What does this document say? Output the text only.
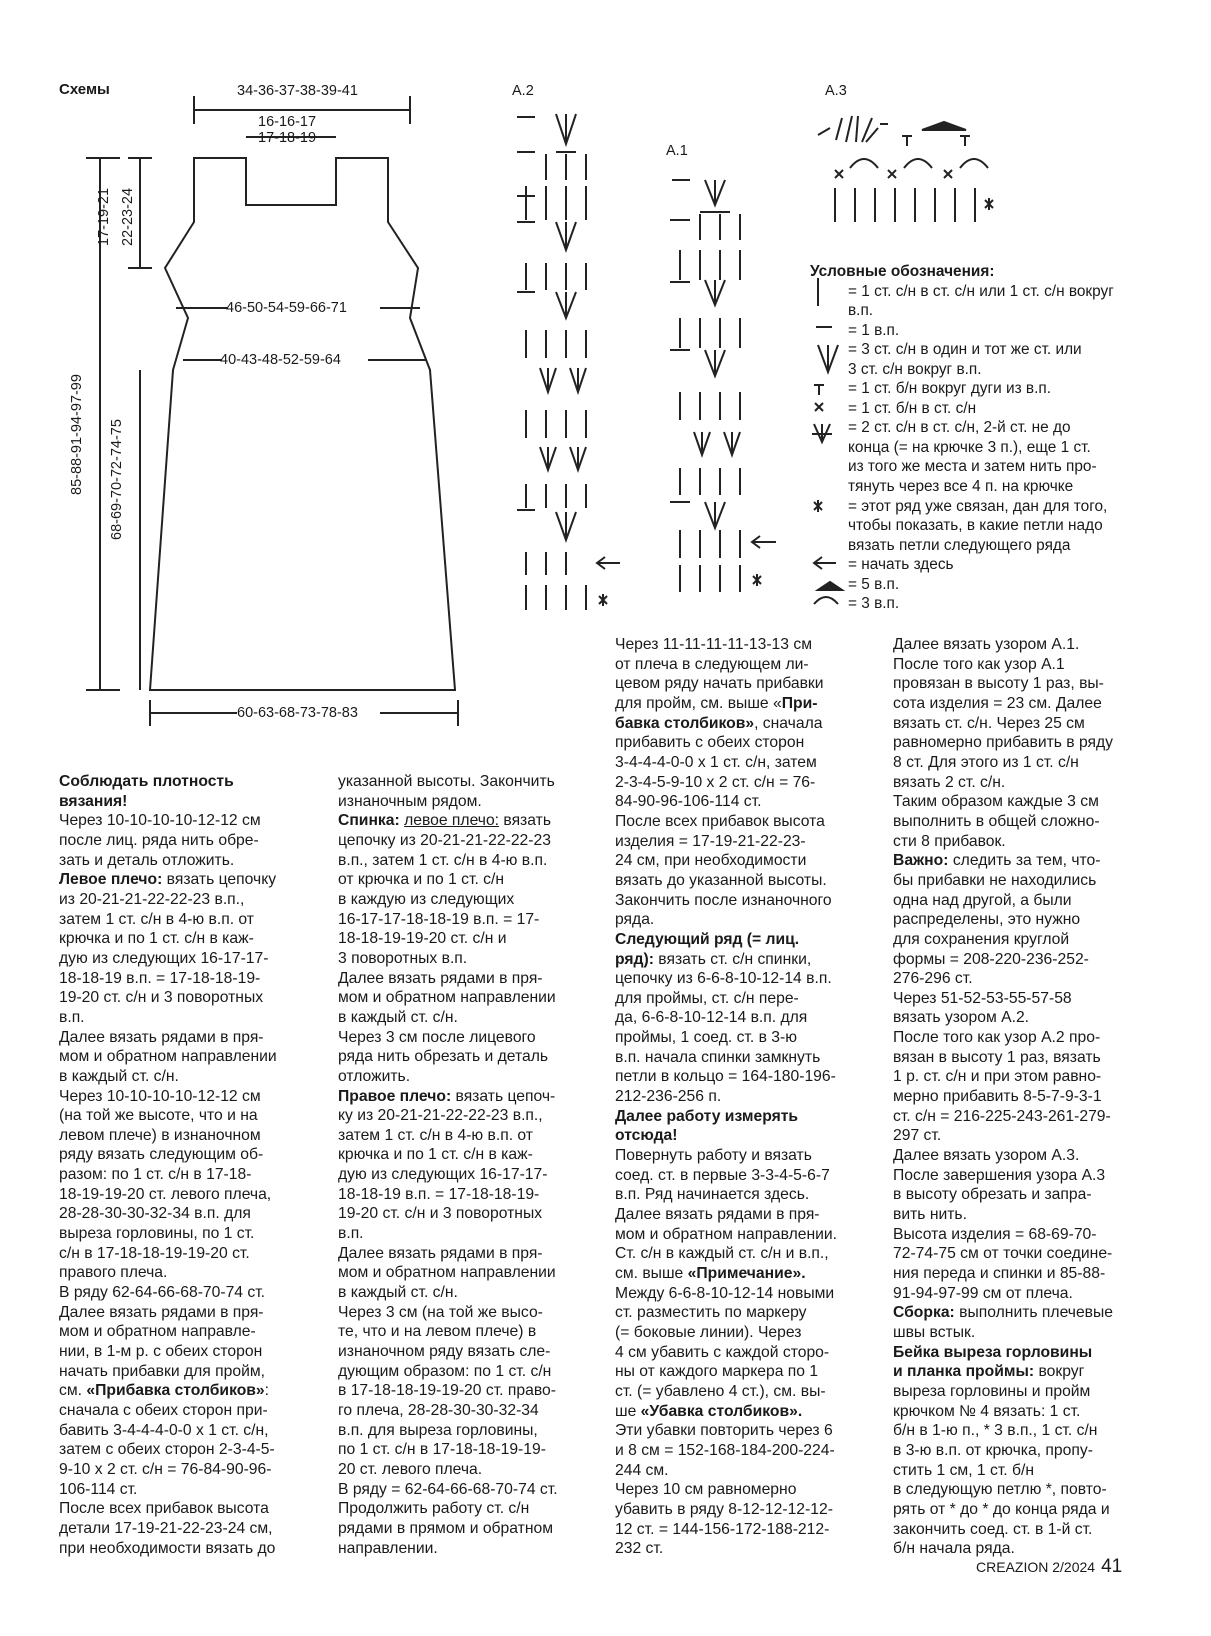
Схемы	34-36-37-38-39-41
16-16-17
17-18-19
17-19-21 22-23-24
46-50-54-59-66-71
40-43-48-52-59-64
85-88-91-94-97-99 68-69-70-72-74-75
60-63-68-73-78-83
A.2
A.1
A.3
Условные обозначения:
= 1 ст. с/н в ст. с/н или 1 ст. с/н вокруг
в.п.
= 1 в.п.
= 3 ст. с/н в один и тот же ст. или
3 ст. с/н вокруг в.п.
= 1 ст. б/н вокруг дуги из в.п.
= 1 ст. б/н в ст. с/н
= 2 ст. с/н в ст. с/н, 2-й ст. не до
конца (= на крючке 3 п.), еще 1 ст.
из того же места и затем нить про-
тянуть через все 4 п. на крючке
= этот ряд уже связан, дан для того,
чтобы показать, в какие петли надо
вязать петли следующего ряда
= начать здесь
= 5 в.п.
= 3 в.п.
Соблюдать плотность
вязания!
Через 10-10-10-10-12-12 см
после лиц. ряда нить обре-
зать и деталь отложить.
Левое плечо: вязать цепочку
из 20-21-21-22-22-23 в.п.,
затем 1 ст. с/н в 4-ю в.п. от
крючка и по 1 ст. с/н в каж-
дую из следующих 16-17-17-
18-18-19 в.п. = 17-18-18-19-
19-20 ст. с/н и 3 поворотных
в.п.
Далее вязать рядами в пря-
мом и обратном направлении
в каждый ст. с/н.
Через 10-10-10-10-12-12 см
(на той же высоте, что и на
левом плече) в изнаночном
ряду вязать следующим об-
разом: по 1 ст. с/н в 17-18-
18-19-19-20 ст. левого плеча,
28-28-30-30-32-34 в.п. для
выреза горловины, по 1 ст.
с/н в 17-18-18-19-19-20 ст.
правого плеча.
В ряду 62-64-66-68-70-74 ст.
Далее вязать рядами в пря-
мом и обратном направле-
нии, в 1-м р. с обеих сторон
начать прибавки для пройм,
см. «Прибавка столбиков»:
сначала с обеих сторон при-
бавить 3-4-4-4-0-0 х 1 ст. с/н,
затем с обеих сторон 2-3-4-5-
9-10 х 2 ст. с/н = 76-84-90-96-
106-114 ст.
После всех прибавок высота
детали 17-19-21-22-23-24 см,
при необходимости вязать до
указанной высоты. Закончить
изнаночным рядом.
Спинка: левое плечо: вязать
цепочку из 20-21-21-22-22-23
в.п., затем 1 ст. с/н в 4-ю в.п.
от крючка и по 1 ст. с/н
в каждую из следующих
16-17-17-18-18-19 в.п. = 17-
18-18-19-19-20 ст. с/н и
3 поворотных в.п.
Далее вязать рядами в пря-
мом и обратном направлении
в каждый ст. с/н.
Через 3 см после лицевого
ряда нить обрезать и деталь
отложить.
Правое плечо: вязать цепоч-
ку из 20-21-21-22-22-23 в.п.,
затем 1 ст. с/н в 4-ю в.п. от
крючка и по 1 ст. с/н в каж-
дую из следующих 16-17-17-
18-18-19 в.п. = 17-18-18-19-
19-20 ст. с/н и 3 поворотных
в.п.
Далее вязать рядами в пря-
мом и обратном направлении
в каждый ст. с/н.
Через 3 см (на той же высо-
те, что и на левом плече) в
изнаночном ряду вязать сле-
дующим образом: по 1 ст. с/н
в 17-18-18-19-19-20 ст. право-
го плеча, 28-28-30-30-32-34
в.п. для выреза горловины,
по 1 ст. с/н в 17-18-18-19-19-
20 ст. левого плеча.
В ряду = 62-64-66-68-70-74 ст.
Продолжить работу ст. с/н
рядами в прямом и обратном
направлении.
Через 11-11-11-11-13-13 см
от плеча в следующем ли-
цевом ряду начать прибавки
для пройм, см. выше «При-
бавка столбиков», сначала
прибавить с обеих сторон
3-4-4-4-0-0 х 1 ст. с/н, затем
2-3-4-5-9-10 х 2 ст. с/н = 76-
84-90-96-106-114 ст.
После всех прибавок высота
изделия = 17-19-21-22-23-
24 см, при необходимости
вязать до указанной высоты.
Закончить после изнаночного
ряда.
Следующий ряд (= лиц.
ряд): вязать ст. с/н спинки,
цепочку из 6-6-8-10-12-14 в.п.
для проймы, ст. с/н пере-
да, 6-6-8-10-12-14 в.п. для
проймы, 1 соед. ст. в 3-ю
в.п. начала спинки замкнуть
петли в кольцо = 164-180-196-
212-236-256 п.
Далее работу измерять
отсюда!
Повернуть работу и вязать
соед. ст. в первые 3-3-4-5-6-7
в.п. Ряд начинается здесь.
Далее вязать рядами в пря-
мом и обратном направлении.
Ст. с/н в каждый ст. с/н и в.п.,
см. выше «Примечание».
Между 6-6-8-10-12-14 новыми
ст. разместить по маркеру
(= боковые линии). Через
4 см убавить с каждой сторо-
ны от каждого маркера по 1
ст. (= убавлено 4 ст.), см. вы-
ше «Убавка столбиков».
Эти убавки повторить через 6
и 8 см = 152-168-184-200-224-
244 см.
Через 10 см равномерно
убавить в ряду 8-12-12-12-12-
12 ст. = 144-156-172-188-212-
232 ст.
Далее вязать узором А.1.
После того как узор А.1
провязан в высоту 1 раз, вы-
сота изделия = 23 см. Далее
вязать ст. с/н. Через 25 см
равномерно прибавить в ряду
8 ст. Для этого из 1 ст. с/н
вязать 2 ст. с/н.
Таким образом каждые 3 см
выполнить в общей сложно-
сти 8 прибавок.
Важно: следить за тем, что-
бы прибавки не находились
одна над другой, а были
распределены, это нужно
для сохранения круглой
формы = 208-220-236-252-
276-296 ст.
Через 51-52-53-55-57-58
вязать узором А.2.
После того как узор А.2 про-
вязан в высоту 1 раз, вязать
1 р. ст. с/н и при этом равно-
мерно прибавить 8-5-7-9-3-1
ст. с/н = 216-225-243-261-279-
297 ст.
Далее вязать узором А.3.
После завершения узора А.3
в высоту обрезать и запра-
вить нить.
Высота изделия = 68-69-70-
72-74-75 см от точки соедине-
ния переда и спинки и 85-88-
91-94-97-99 см от плеча.
Сборка: выполнить плечевые
швы встык.
Бейка выреза горловины
и планка проймы: вокруг
выреза горловины и пройм
крючком № 4 вязать: 1 ст.
б/н в 1-ю п., * 3 в.п., 1 ст. с/н
в 3-ю в.п. от крючка, пропу-
стить 1 см, 1 ст. б/н
в следующую петлю *, повто-
рять от * до * до конца ряда и
закончить соед. ст. в 1-й ст.
б/н начала ряда.
CREAZION 2/2024 41
